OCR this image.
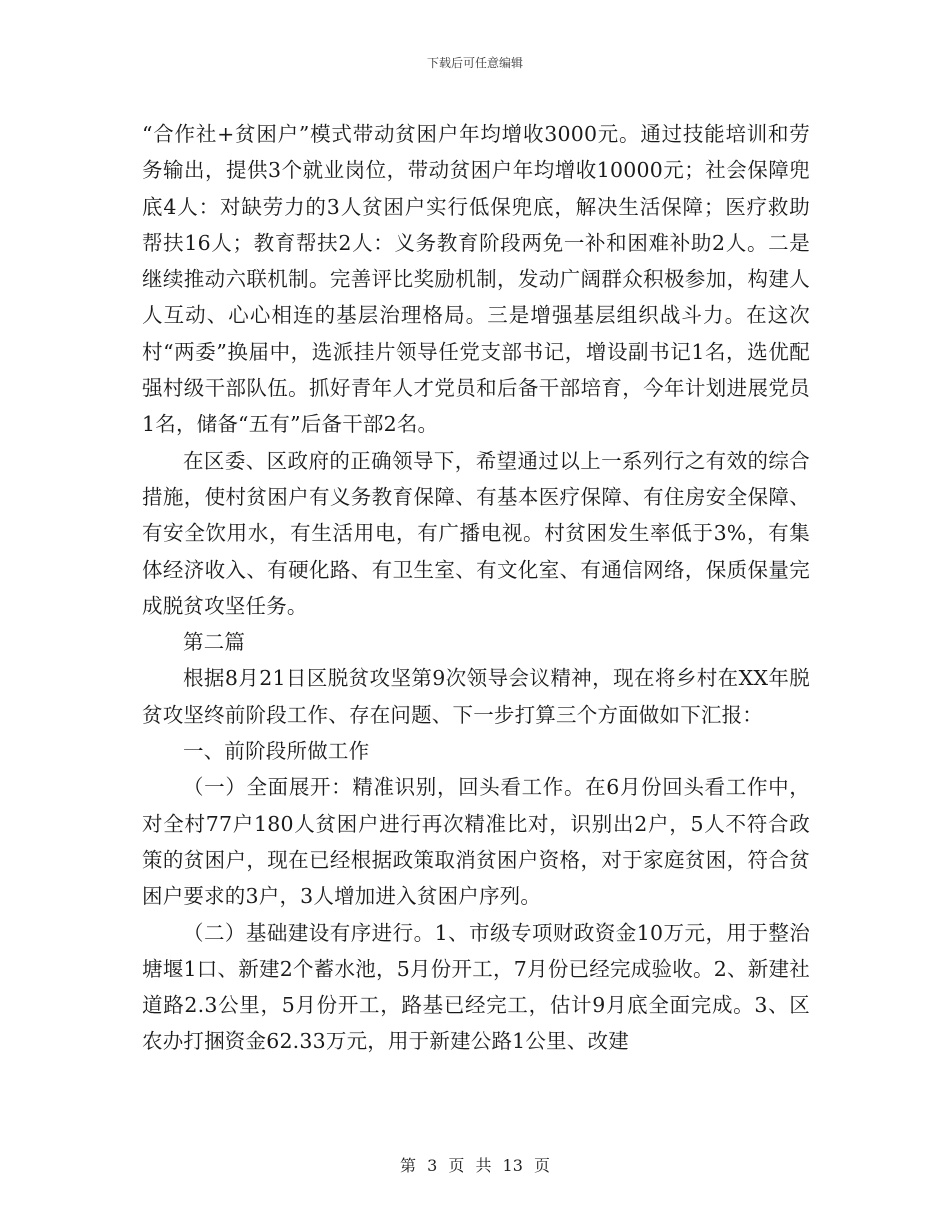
下载后可任意编辑

“合作社+贫困户”模式带动贫困户年均增收3000元。通过技能培训和劳务输出，提供3个就业岗位，带动贫困户年均增收10000元；社会保障兜底4人：对缺劳力的3人贫困户实行低保兜底，解决生活保障；医疗救助帮扶16人；教育帮扶2人：义务教育阶段两免一补和困难补助2人。二是继续推动六联机制。完善评比奖励机制，发动广阔群众积极参加，构建人人互动、心心相连的基层治理格局。三是增强基层组织战斗力。在这次村“两委”换届中，选派挂片领导任党支部书记，增设副书记1名，选优配强村级干部队伍。抓好青年人才党员和后备干部培育，今年计划进展党员1名，储备“五有”后备干部2名。

在区委、区政府的正确领导下，希望通过以上一系列行之有效的综合措施，使村贫困户有义务教育保障、有基本医疗保障、有住房安全保障、有安全饮用水，有生活用电，有广播电视。村贫困发生率低于3%，有集体经济收入、有硬化路、有卫生室、有文化室、有通信网络，保质保量完成脱贫攻坚任务。

第二篇

根据8月21日区脱贫攻坚第9次领导会议精神，现在将乡村在XX年脱贫攻坚终前阶段工作、存在问题、下一步打算三个方面做如下汇报：

一、前阶段所做工作

（一）全面展开：精准识别，回头看工作。在6月份回头看工作中，对全村77户180人贫困户进行再次精准比对，识别出2户，5人不符合政策的贫困户，现在已经根据政策取消贫困户资格，对于家庭贫困，符合贫困户要求的3户，3人增加进入贫困户序列。

（二）基础建设有序进行。1、市级专项财政资金10万元，用于整治塘堰1口、新建2个蓄水池，5月份开工，7月份已经完成验收。2、新建社道路2.3公里，5月份开工，路基已经完工，估计9月底全面完成。3、区农办打捆资金62.33万元，用于新建公路1公里、改建

第 3 页 共 13 页
